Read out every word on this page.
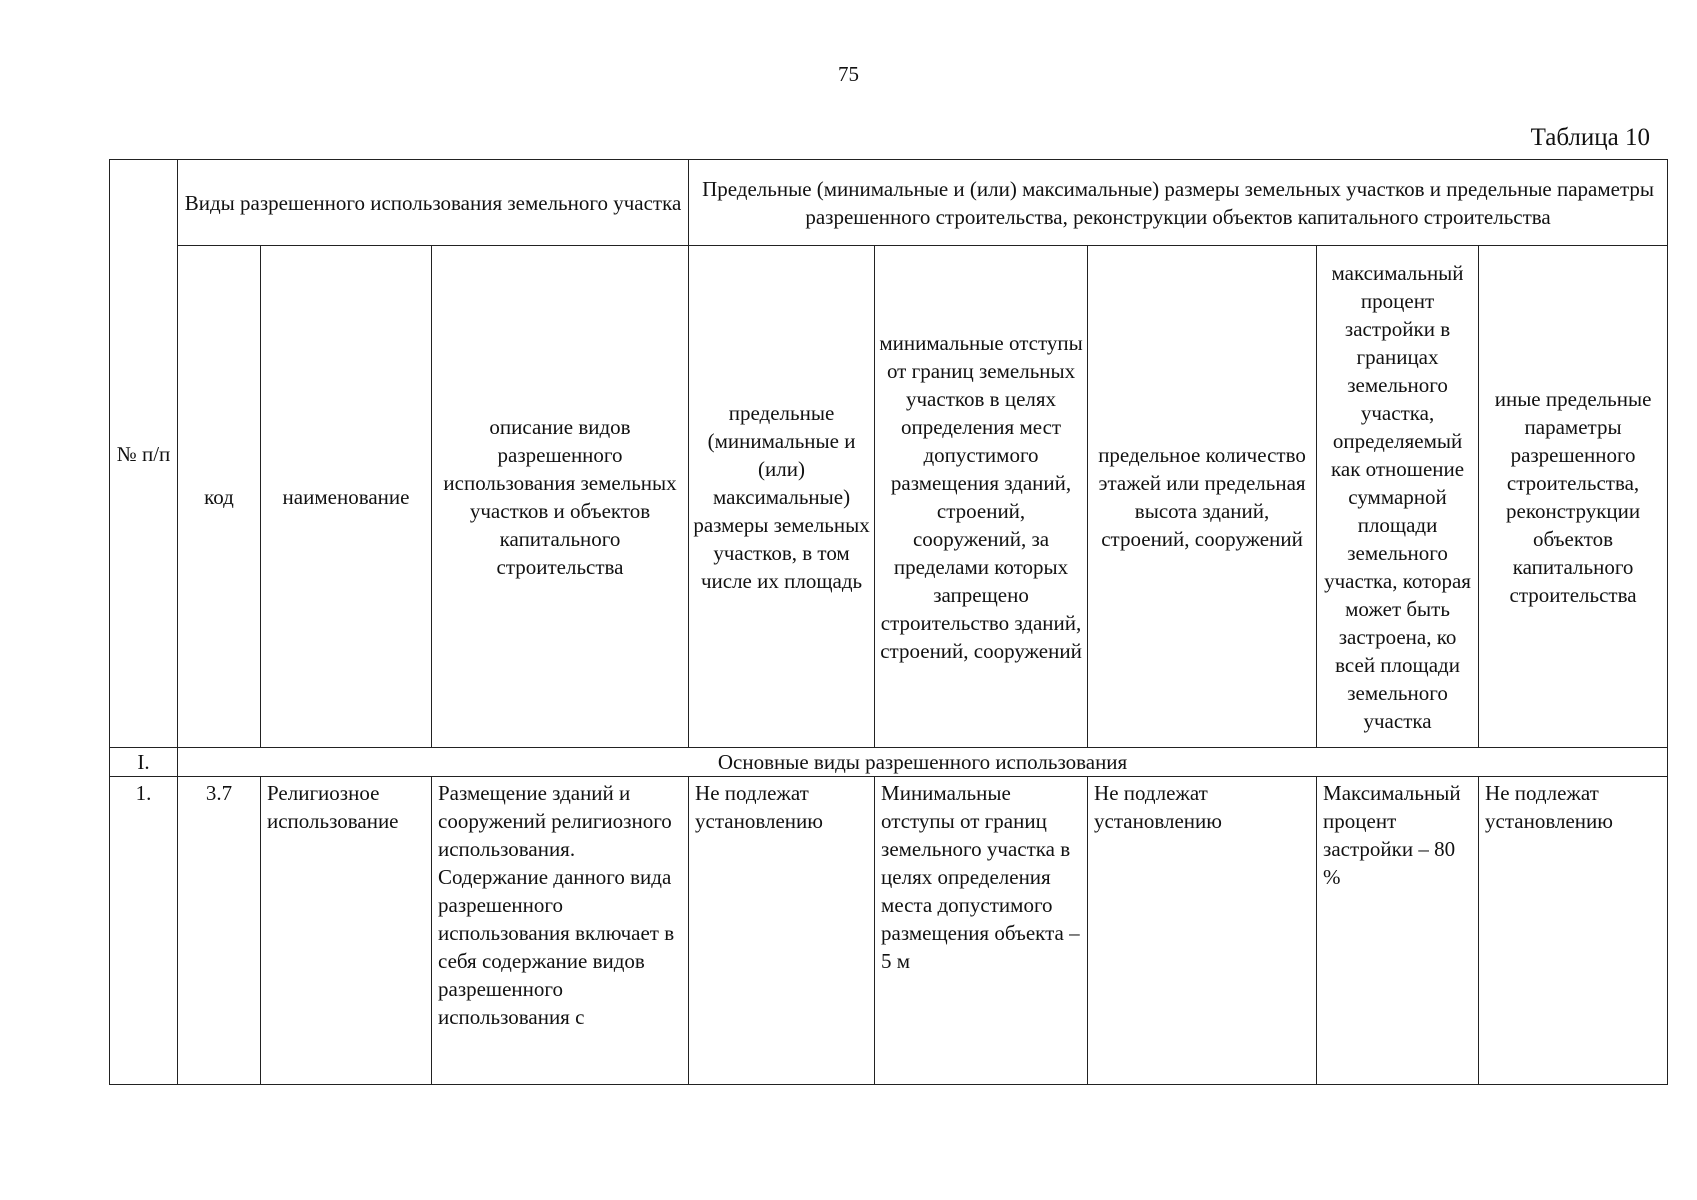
75
Таблица 10
№ п/п	Виды разрешенного использования земельного участка			Предельные (минимальные и (или) максимальные) размеры земельных участков и предельные параметры разрешенного строительства, реконструкции объектов капитального строительства				
	код	наименование	описание видов разрешенного использования земельных участков и объектов капитального строительства	предельные (минимальные и (или) максимальные) размеры земельных участков, в том числе их площадь	минимальные отступы от границ земельных участков в целях определения мест допустимого размещения зданий, строений, сооружений, за пределами которых запрещено строительство зданий, строений, сооружений	предельное количество этажей или предельная высота зданий, строений, сооружений	максимальный процент застройки в границах земельного участка, определяемый как отношение суммарной площади земельного участка, которая может быть застроена, ко всей площади земельного участка	иные предельные параметры разрешенного строительства, реконструкции объектов капитального строительства
I.	Основные виды разрешенного использования							
1.	3.7	Религиозное использование	Размещение зданий и сооружений религиозного использования. Содержание данного вида разрешенного использования включает в себя содержание видов разрешенного использования с	Не подлежат установлению	Минимальные отступы от границ земельного участка в целях определения места допустимого размещения объекта – 5 м	Не подлежат установлению	Максимальный процент застройки – 80 %	Не подлежат установлению
